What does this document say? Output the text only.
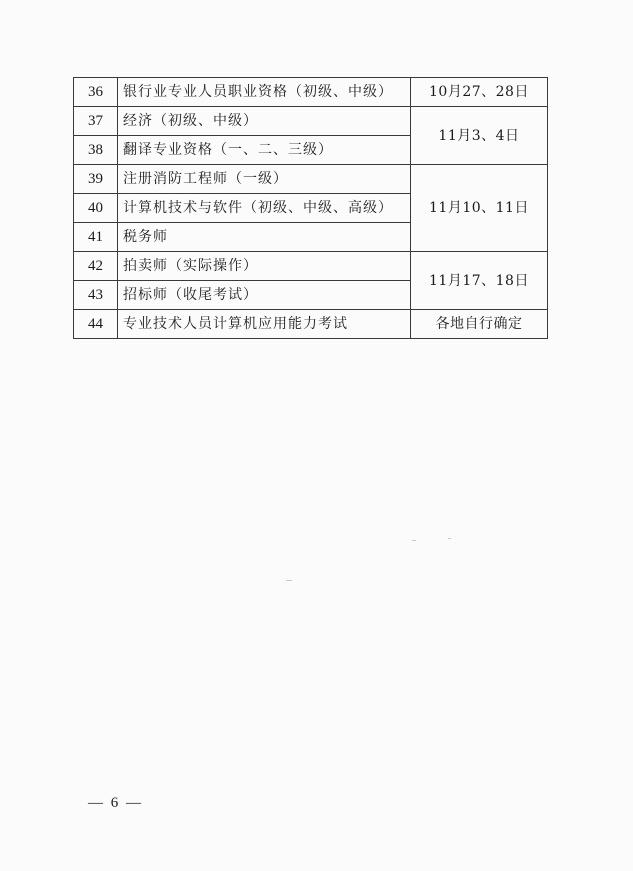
36	银行业专业人员职业资格（初级、中级）	10月27、28日
37	经济（初级、中级）	11月3、4日
38	翻译专业资格（一、二、三级）	
39	注册消防工程师（一级）	11月10、11日
40	计算机技术与软件（初级、中级、高级）	
41	税务师	
42	拍卖师（实际操作）	11月17、18日
43	招标师（收尾考试）	
44	专业技术人员计算机应用能力考试	各地自行确定
— 6 —
